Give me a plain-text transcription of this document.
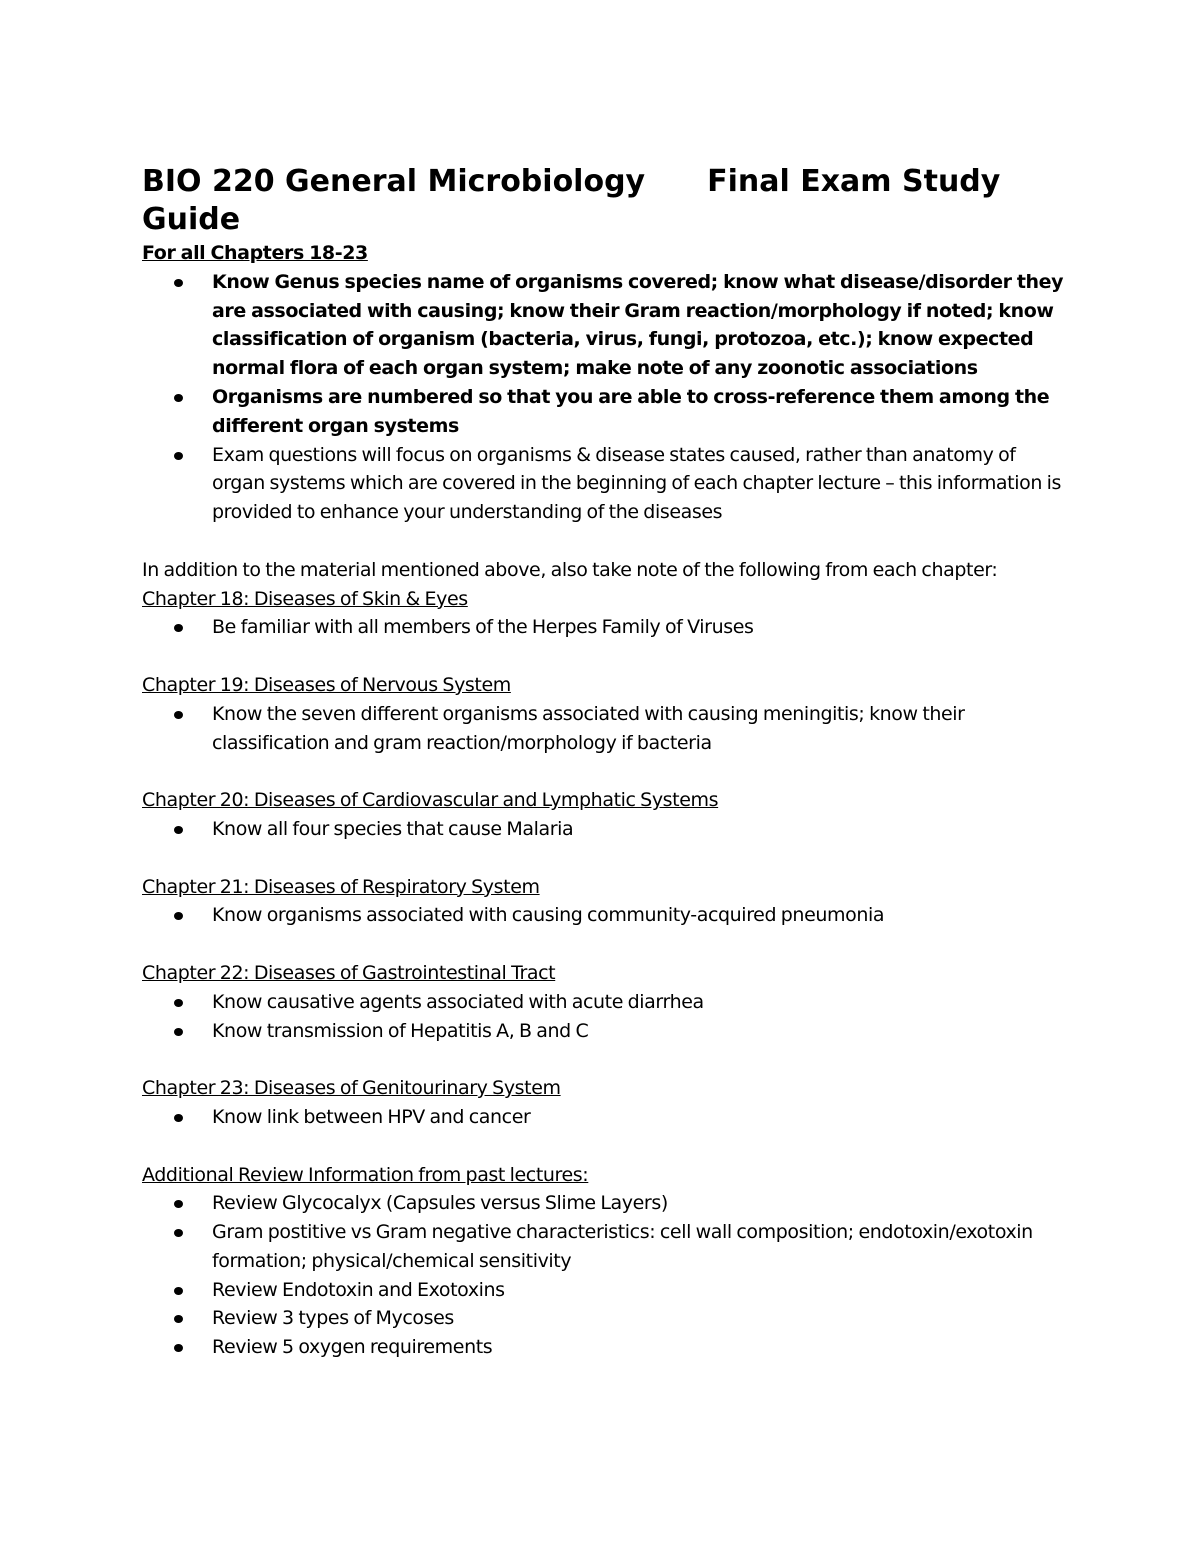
BIO 220 General Microbiology Final Exam Study Guide

For all Chapters 18-23

Know Genus species name of organisms covered; know what disease/disorder they are associated with causing; know their Gram reaction/morphology if noted; know classification of organism (bacteria, virus, fungi, protozoa, etc.); know expected normal flora of each organ system; make note of any zoonotic associations
Organisms are numbered so that you are able to cross-reference them among the different organ systems
Exam questions will focus on organisms & disease states caused, rather than anatomy of organ systems which are covered in the beginning of each chapter lecture – this information is provided to enhance your understanding of the diseases

In addition to the material mentioned above, also take note of the following from each chapter:

Chapter 18: Diseases of Skin & Eyes

Be familiar with all members of the Herpes Family of Viruses

Chapter 19: Diseases of Nervous System

Know the seven different organisms associated with causing meningitis; know their classification and gram reaction/morphology if bacteria

Chapter 20: Diseases of Cardiovascular and Lymphatic Systems

Know all four species that cause Malaria

Chapter 21: Diseases of Respiratory System

Know organisms associated with causing community-acquired pneumonia

Chapter 22: Diseases of Gastrointestinal Tract

Know causative agents associated with acute diarrhea
Know transmission of Hepatitis A, B and C

Chapter 23: Diseases of Genitourinary System

Know link between HPV and cancer

Additional Review Information from past lectures:

Review Glycocalyx (Capsules versus Slime Layers)
Gram postitive vs Gram negative characteristics: cell wall composition; endotoxin/exotoxin formation; physical/chemical sensitivity
Review Endotoxin and Exotoxins
Review 3 types of Mycoses
Review 5 oxygen requirements
